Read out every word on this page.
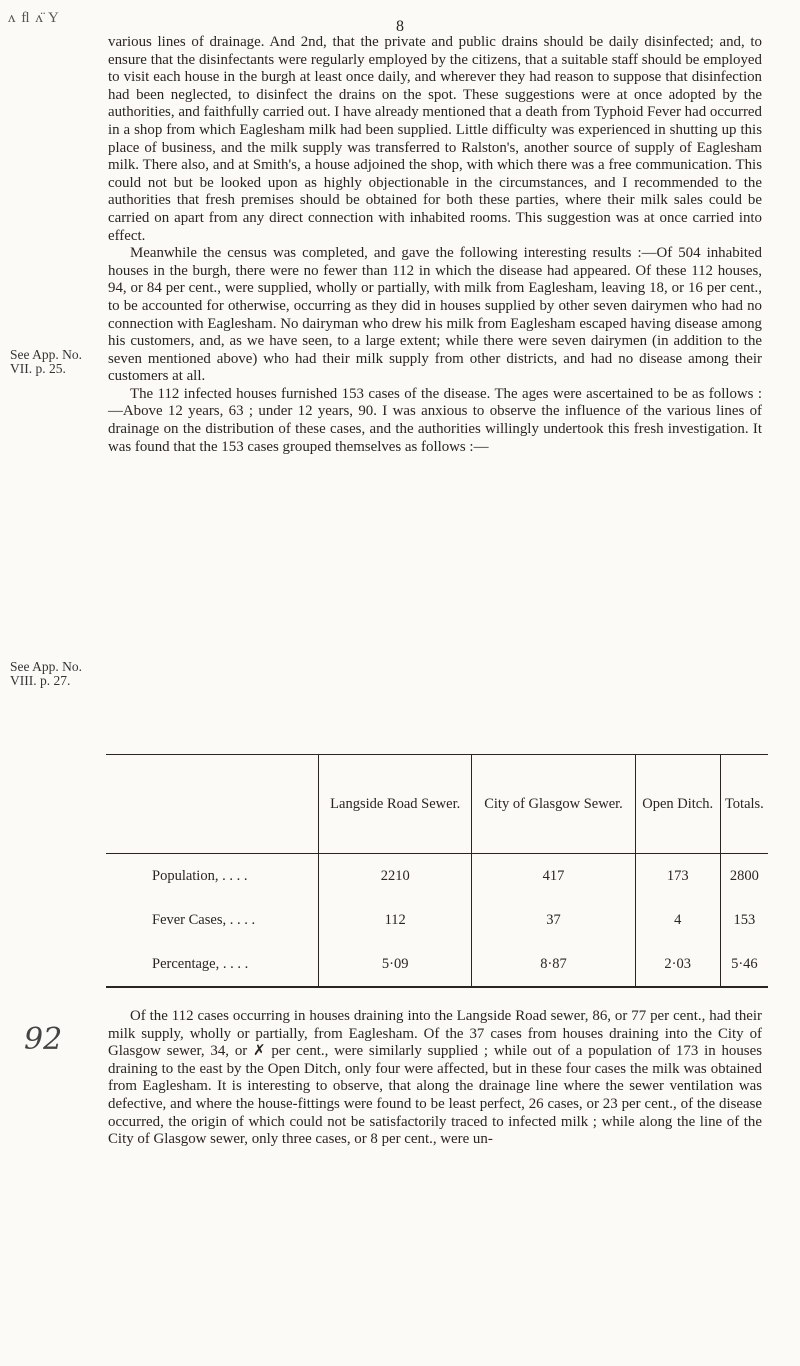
ʌ ﬂ ʌ̈ Y	8
See App. No. VII. p. 25.
See App. No. VIII. p. 27.
92

various lines of drainage. And 2nd, that the private and public drains should be daily disinfected; and, to ensure that the disinfectants were regularly employed by the citizens, that a suitable staff should be employed to visit each house in the burgh at least once daily, and wherever they had reason to suppose that disinfection had been neglected, to disinfect the drains on the spot. These suggestions were at once adopted by the authorities, and faithfully carried out. I have already mentioned that a death from Typhoid Fever had occurred in a shop from which Eaglesham milk had been supplied. Little difficulty was experienced in shutting up this place of business, and the milk supply was transferred to Ralston's, another source of supply of Eaglesham milk. There also, and at Smith's, a house adjoined the shop, with which there was a free communication. This could not but be looked upon as highly objectionable in the circumstances, and I recommended to the authorities that fresh premises should be obtained for both these parties, where their milk sales could be carried on apart from any direct connection with inhabited rooms. This suggestion was at once carried into effect.

Meanwhile the census was completed, and gave the following interesting results :—Of 504 inhabited houses in the burgh, there were no fewer than 112 in which the disease had appeared. Of these 112 houses, 94, or 84 per cent., were supplied, wholly or partially, with milk from Eaglesham, leaving 18, or 16 per cent., to be accounted for otherwise, occurring as they did in houses supplied by other seven dairymen who had no connection with Eaglesham. No dairyman who drew his milk from Eaglesham escaped having disease among his customers, and, as we have seen, to a large extent; while there were seven dairymen (in addition to the seven mentioned above) who had their milk supply from other districts, and had no disease among their customers at all.

The 112 infected houses furnished 153 cases of the disease. The ages were ascertained to be as follows :—Above 12 years, 63 ; under 12 years, 90. I was anxious to observe the influence of the various lines of drainage on the distribution of these cases, and the authorities willingly undertook this fresh investigation. It was found that the 153 cases grouped themselves as follows :—

	Langside Road Sewer.	City of Glasgow Sewer.	Open Ditch.	Totals.
Population, . . . .	2210	417	173	2800
Fever Cases, . . . .	112	37	4	153
Percentage, . . . .	5·09	8·87	2·03	5·46

Of the 112 cases occurring in houses draining into the Langside Road sewer, 86, or 77 per cent., had their milk supply, wholly or partially, from Eaglesham. Of the 37 cases from houses draining into the City of Glasgow sewer, 34, or ✗ per cent., were similarly supplied ; while out of a population of 173 in houses draining to the east by the Open Ditch, only four were affected, but in these four cases the milk was obtained from Eaglesham. It is interesting to observe, that along the drainage line where the sewer ventilation was defective, and where the house-fittings were found to be least perfect, 26 cases, or 23 per cent., of the disease occurred, the origin of which could not be satisfactorily traced to infected milk ; while along the line of the City of Glasgow sewer, only three cases, or 8 per cent., were un-
